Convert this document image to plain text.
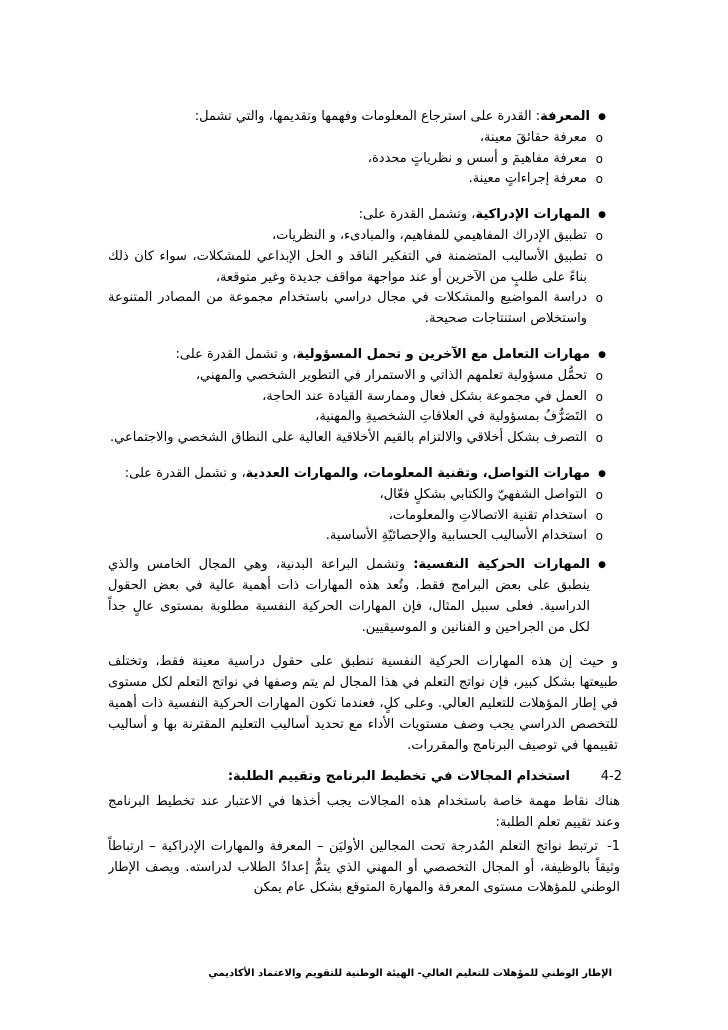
●
المعرفة: القدرة على استرجاع المعلومات وفهمها وتقديمها، والتي تشمل:

o
معرفة حقائقَ معينة،
o
معرفة مفاهيمَ و أسس و نظرياتٍ محددة،
o
معرفة إجراءاتٍ معينة.

●
المهارات الإدراكية، وتشمل القدرة على:

o
تطبيق الإدراك المفاهيمي للمفاهيم، والمبادىء، و النظريات،
o
تطبيق الأساليب المتضمنة في التفكير الناقد و الحل الإبداعي للمشكلات، سواء كان ذلك بناءً على طلبٍ من الآخرين أو عند مواجهة مواقف جديدة وغير متوقعة،
o
دراسة المواضيع والمشكلات في مجال دراسي باستخدام مجموعة من المصادر المتنوعة واستخلاص استنتاجات صحيحة.

●
مهارات التعامل مع الآخرين و تحمل المسؤولية، و تشمل القدرة على:

o
تحمُّل مسؤولية تعلمهم الذاتي و الاستمرار في التطوير الشخصي والمهني،
o
العمل في مجموعة بشكل فعال وممارسة القيادة عند الحاجة،
o
التَصَرُّفُ بمسؤولية في العلاقاتِ الشخصيةِ والمهنية،
o
التصرف بشكل أخلاقي والالتزام بالقيم الأخلاقية العالية على النطاق الشخصي والاجتماعي.

●
مهارات التواصل، وتقنية المعلومات، والمهارات العددية، و تشمل القدرة على:

o
التواصل الشفهيّ والكتابي بشكلٍ فعّال،
o
استخدام تقنية الاتصالاتِ والمعلومات،
o
استخدام الأساليب الحسابية والإحصائيّةِ الأساسية.

●
المهارات الحركية النفسية: وتشمل البراعة البدنية، وهي المجال الخامس والذي ينطبق على بعض البرامج فقط. وتُعد هذه المهارات ذات أهمية عالية في بعض الحقول الدراسية. فعلى سبيل المثال، فإن المهارات الحركية النفسية مطلوبة بمستوى عالٍ جداً لكل من الجراحين و الفنانين و الموسيقيين.

و حيث إن هذه المهارات الحركية النفسية تنطبق على حقول دراسية معينة فقط، وتختلف طبيعتها بشكل كبير، فإن نواتج التعلم في هذا المجال لم يتم وصفها في نواتج التعلم لكل مستوى في إطار المؤهلات للتعليم العالي. وعلى كلٍ، فعندما تكون المهارات الحركية النفسية ذات أهمية للتخصص الدراسي يجب وصف مستويات الأداء مع تحديد أساليب التعليم المقترنة بها و أساليب تقييمها في توصيف البرنامج والمقررات.

4-2
استخدام المجالات في تخطيط البرنامج وتقييم الطلبة:

هناك نقاط مهمة خاصة باستخدام هذه المجالات يجب أخذها في الاعتبار عند تخطيط البرنامج وعند تقييم تعلم الطلبة:

1-ترتبط نواتج التعلم المُدرجة تحت المجالين الأوليَن – المعرفة والمهارات الإدراكية – ارتباطاً وثيقاً بالوظيفة، أو المجال التخصصي أو المهني الذي يتمُّ إعدادُ الطلاب لدراسته. ويصف الإطار الوطني للمؤهلات مستوى المعرفة والمهارة المتوقع بشكل عام يمكن

الإطار الوطني للمؤهلات للتعليم العالي- الهيئة الوطنية للتقويم والاعتماد الأكاديمي
